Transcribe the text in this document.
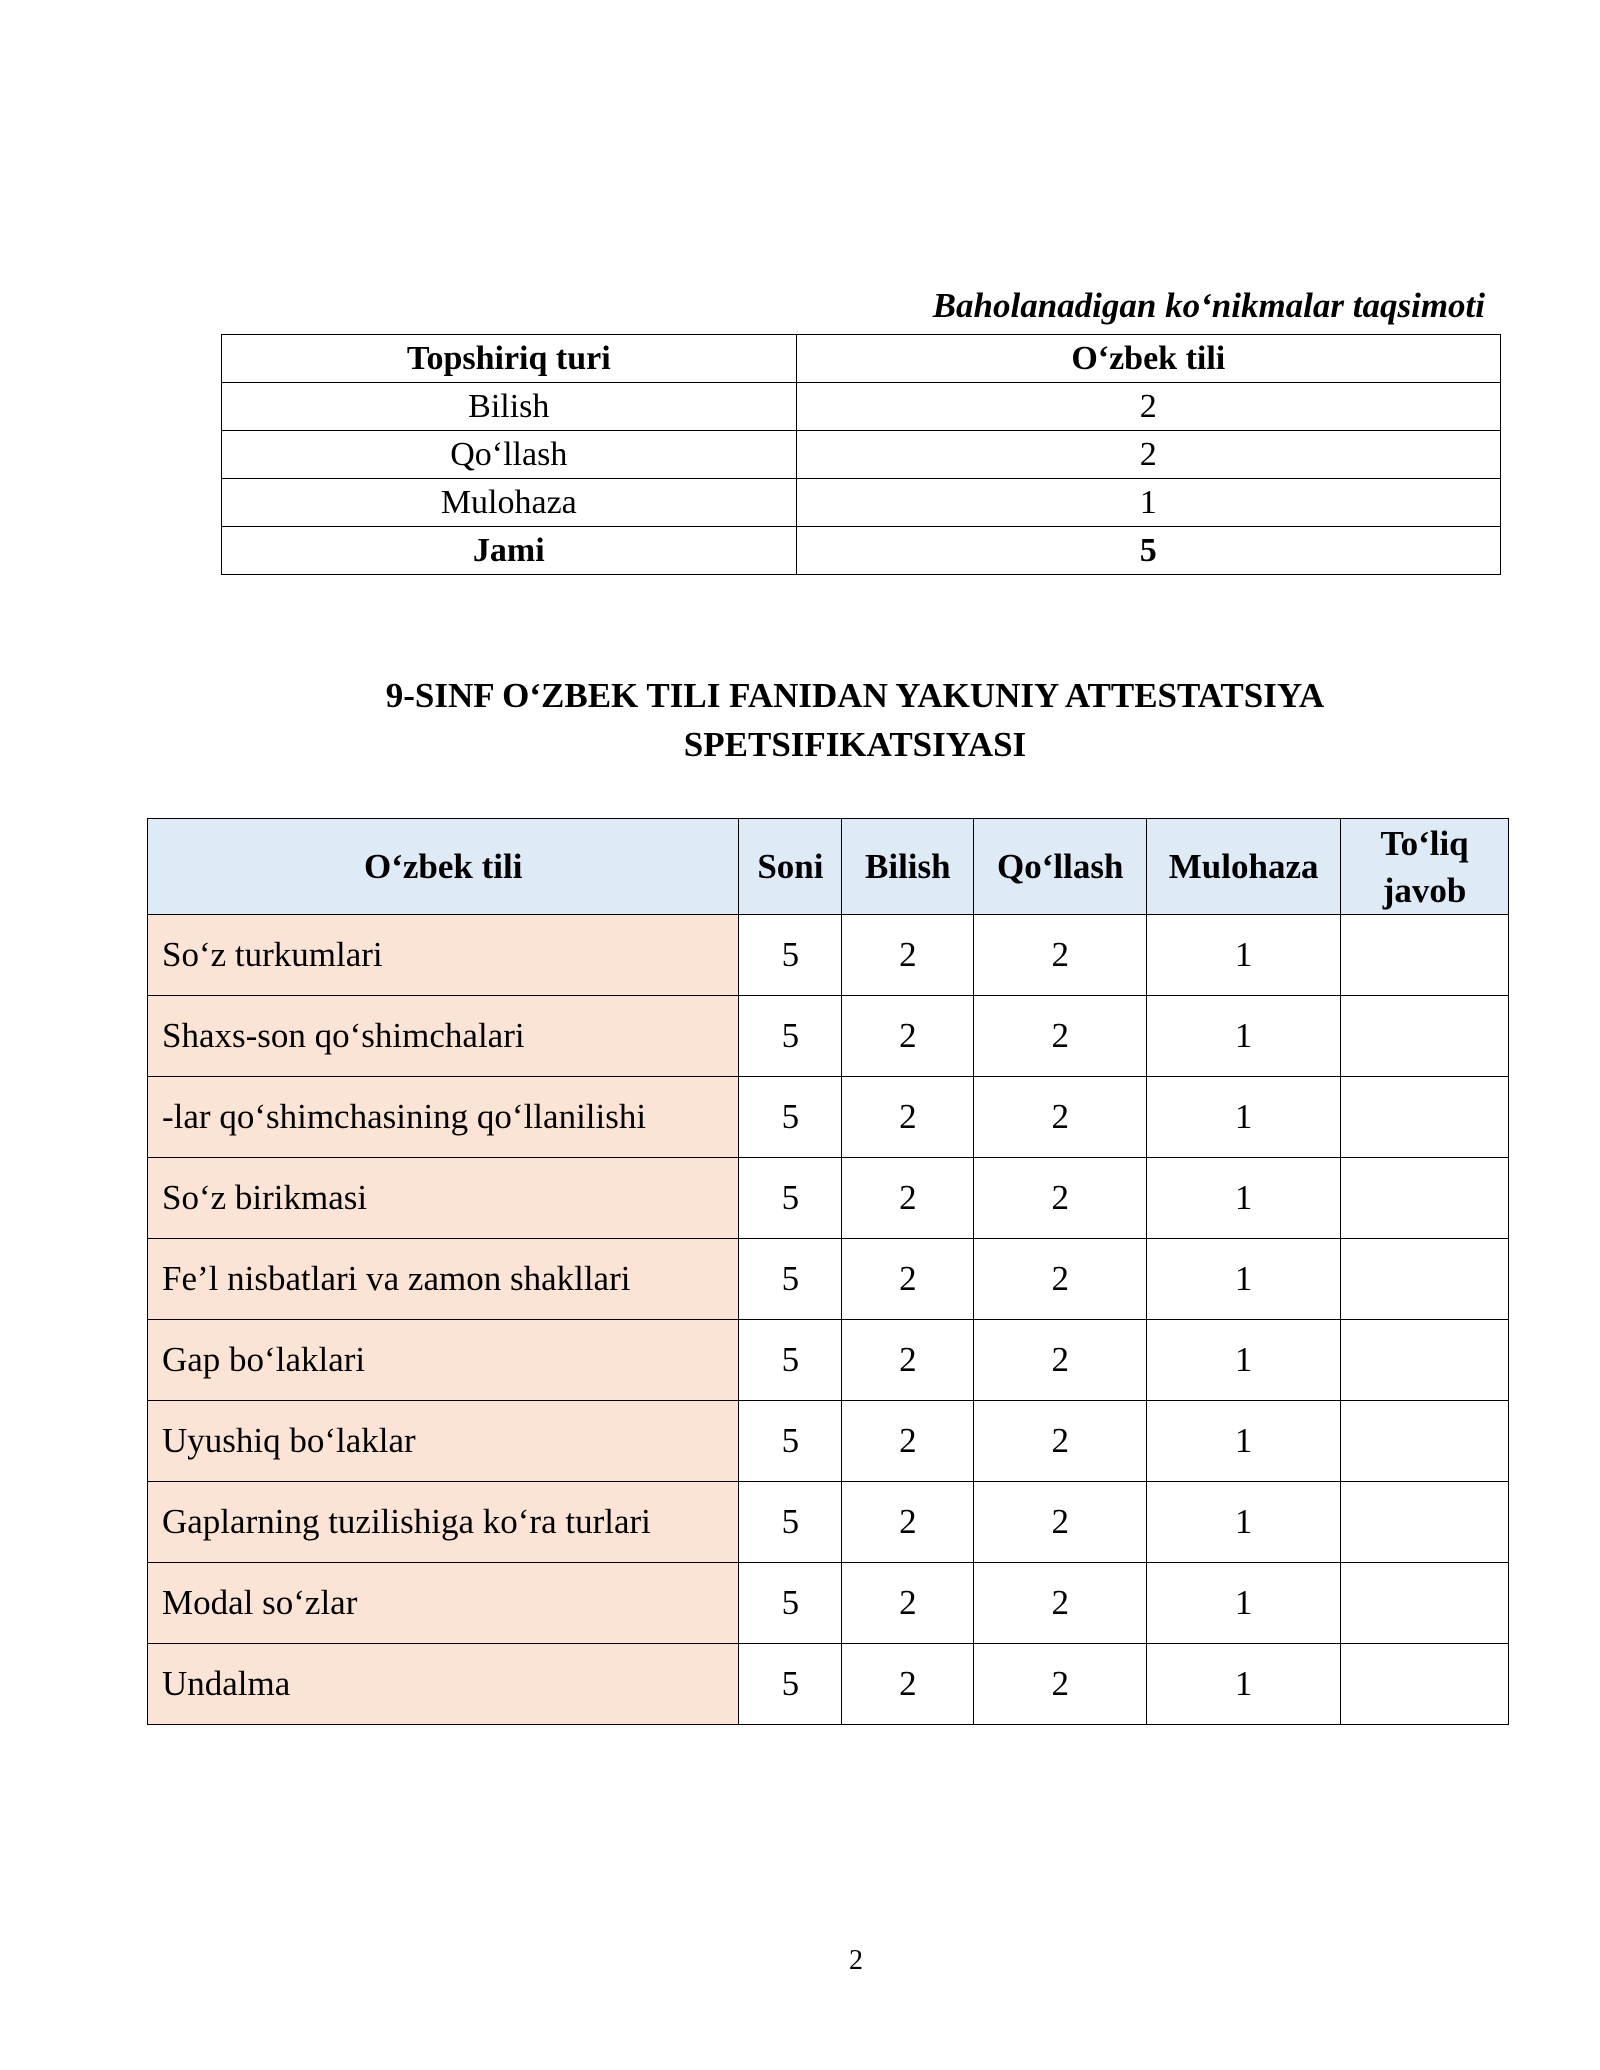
Baholanadigan ko‘nikmalar taqsimoti
Topshiriq turi	O‘zbek tili
Bilish	2
Qo‘llash	2
Mulohaza	1
Jami	5
9-SINF O‘ZBEK TILI FANIDAN YAKUNIY ATTESTATSIYA
SPETSIFIKATSIYASI
O‘zbek tili	Soni	Bilish	Qo‘llash	Mulohaza	To‘liq
javob

So‘z turkumlari	5	2	2	1	
Shaxs-son qo‘shimchalari	5	2	2	1	
-lar qo‘shimchasining qo‘llanilishi	5	2	2	1	
So‘z birikmasi	5	2	2	1	
Fe’l nisbatlari va zamon shakllari	5	2	2	1	
Gap bo‘laklari	5	2	2	1	
Uyushiq bo‘laklar	5	2	2	1	
Gaplarning tuzilishiga ko‘ra turlari	5	2	2	1	
Modal so‘zlar	5	2	2	1	
Undalma	5	2	2	1	
2
